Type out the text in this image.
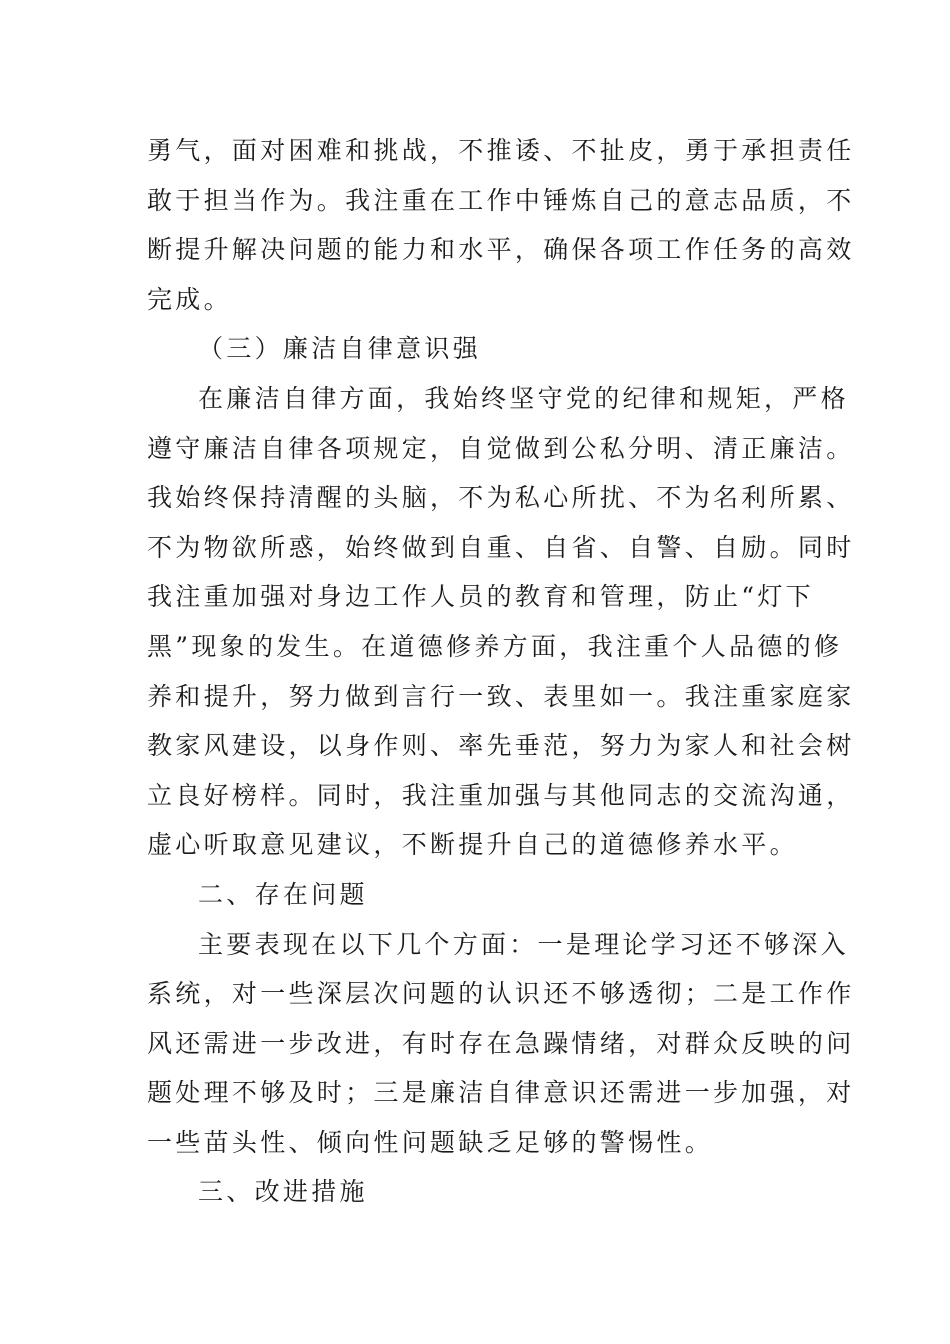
勇气，面对困难和挑战，不推诿、不扯皮，勇于承担责任
敢于担当作为。我注重在工作中锤炼自己的意志品质，不
断提升解决问题的能力和水平，确保各项工作任务的高效
完成。
（三）廉洁自律意识强
在廉洁自律方面，我始终坚守党的纪律和规矩，严格
遵守廉洁自律各项规定，自觉做到公私分明、清正廉洁。
我始终保持清醒的头脑，不为私心所扰、不为名利所累、
不为物欲所惑，始终做到自重、自省、自警、自励。同时
我注重加强对身边工作人员的教育和管理，防止“灯下
黑”现象的发生。在道德修养方面，我注重个人品德的修
养和提升，努力做到言行一致、表里如一。我注重家庭家
教家风建设，以身作则、率先垂范，努力为家人和社会树
立良好榜样。同时，我注重加强与其他同志的交流沟通，
虚心听取意见建议，不断提升自己的道德修养水平。
二、存在问题
主要表现在以下几个方面：一是理论学习还不够深入
系统，对一些深层次问题的认识还不够透彻；二是工作作
风还需进一步改进，有时存在急躁情绪，对群众反映的问
题处理不够及时；三是廉洁自律意识还需进一步加强，对
一些苗头性、倾向性问题缺乏足够的警惕性。
三、改进措施
